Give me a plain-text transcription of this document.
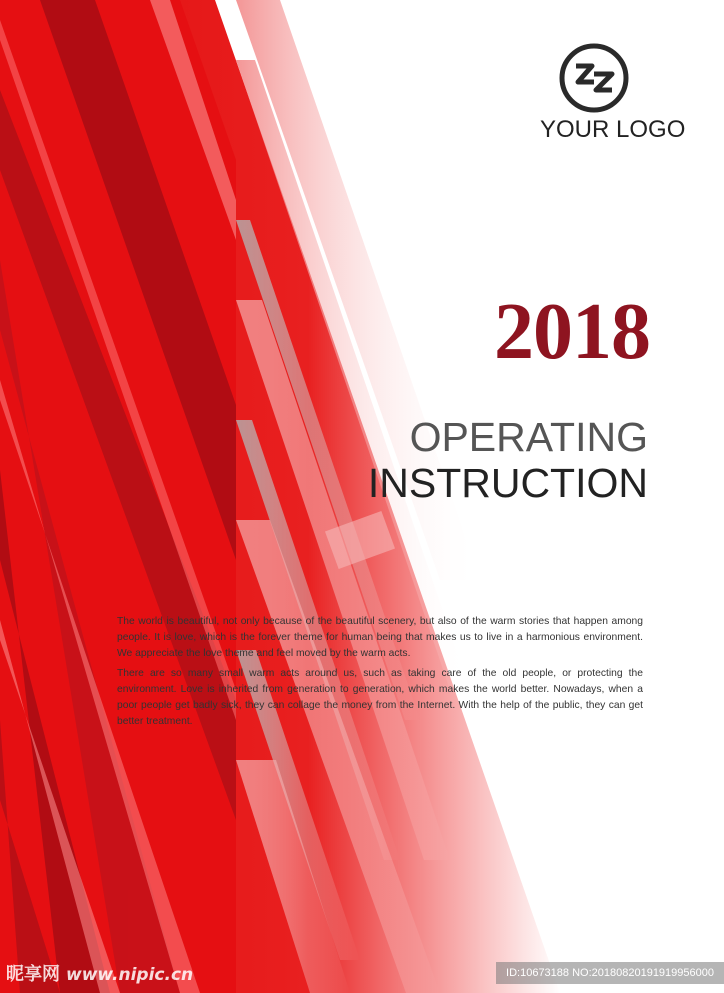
YOUR LOGO
2018
OPERATING
INSTRUCTION

The world is beautiful, not only because of the beautiful scenery, but also of the warm stories that happen among people. It is love, which is the forever theme for human being that makes us to live in a harmonious environment. We appreciate the love theme and feel moved by the warm acts.

There are so many small warm acts around us, such as taking care of the old people, or protecting the environment. Love is inherited from generation to generation, which makes the world better. Nowadays, when a poor people get badly sick, they can collage the money from the Internet. With the help of the public, they can get better treatment.

昵享网 www.nipic.cn	ID:10673188 NO:20180820191919956000
